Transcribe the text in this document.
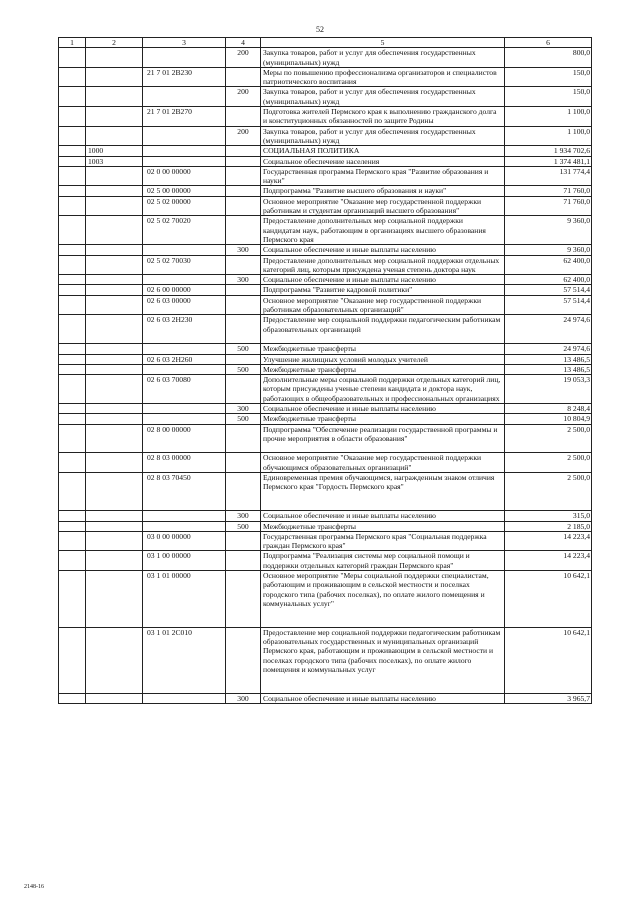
52
1	2	3	4	5	6
			200	Закупка товаров, работ и услуг для обеспечения государственных (муниципальных) нужд	800,0
		21 7 01 2В230		Меры по повышению профессионализма организаторов и специалистов патриотического воспитания	150,0
			200	Закупка товаров, работ и услуг для обеспечения государственных (муниципальных) нужд	150,0
		21 7 01 2В270		Подготовка жителей Пермского края к выполнению гражданского долга и конституционных обязанностей по защите Родины	1 100,0
			200	Закупка товаров, работ и услуг для обеспечения государственных (муниципальных) нужд	1 100,0
	1000			СОЦИАЛЬНАЯ ПОЛИТИКА	1 934 702,6
	1003			Социальное обеспечение населения	1 374 481,1
		02 0 00 00000		Государственная программа Пермского края "Развитие образования и науки"	131 774,4
		02 5 00 00000		Подпрограмма "Развитие высшего образования и науки"	71 760,0
		02 5 02 00000		Основное мероприятие "Оказание мер государственной поддержки работникам и студентам организаций высшего образования"	71 760,0
		02 5 02 70020		Предоставление дополнительных мер социальной поддержки кандидатам наук, работающим в организациях высшего образования Пермского края	9 360,0
			300	Социальное обеспечение и иные выплаты населению	9 360,0
		02 5 02 70030		Предоставление дополнительных мер социальной поддержки отдельных категорий лиц, которым присуждена ученая степень доктора наук	62 400,0
			300	Социальное обеспечение и иные выплаты населению	62 400,0
		02 6 00 00000		Подпрограмма "Развитие кадровой политики"	57 514,4
		02 6 03 00000		Основное мероприятие "Оказание мер государственной поддержки работникам образовательных организаций"	57 514,4
		02 6 03 2Н230		Предоставление мер социальной поддержки педагогическим работникам образовательных организаций	24 974,6
			500	Межбюджетные трансферты	24 974,6
		02 6 03 2Н260		Улучшение жилищных условий молодых учителей	13 486,5
			500	Межбюджетные трансферты	13 486,5
		02 6 03 70080		Дополнительные меры социальной поддержки отдельных категорий лиц, которым присуждены ученые степени кандидата и доктора наук, работающих в общеобразовательных и профессиональных организациях	19 053,3
			300	Социальное обеспечение и иные выплаты населению	8 248,4
			500	Межбюджетные трансферты	10 804,9
		02 8 00 00000		Подпрограмма "Обеспечение реализации государственной программы и прочие мероприятия в области образования"	2 500,0
		02 8 03 00000		Основное мероприятие "Оказание мер государственной поддержки обучающимся образовательных организаций"	2 500,0
		02 8 03 70450		Единовременная премия обучающимся, награжденным знаком отличия Пермского края "Гордость Пермского края"	2 500,0
			300	Социальное обеспечение и иные выплаты населению	315,0
			500	Межбюджетные трансферты	2 185,0
		03 0 00 00000		Государственная программа Пермского края "Социальная поддержка граждан Пермского края"	14 223,4
		03 1 00 00000		Подпрограмма "Реализация системы мер социальной помощи и поддержки отдельных категорий граждан Пермского края"	14 223,4
		03 1 01 00000		Основное мероприятие "Меры социальной поддержки специалистам, работающим и проживающим в сельской местности и поселках городского типа (рабочих поселках), по оплате жилого помещения и коммунальных услуг"	10 642,1
		03 1 01 2С010		Предоставление мер социальной поддержки педагогическим работникам образовательных государственных и муниципальных организаций Пермского края, работающим и проживающим в сельской местности и поселках городского типа (рабочих поселках), по оплате жилого помещения и коммунальных услуг	10 642,1
			300	Социальное обеспечение и иные выплаты населению	3 965,7
2148-16
